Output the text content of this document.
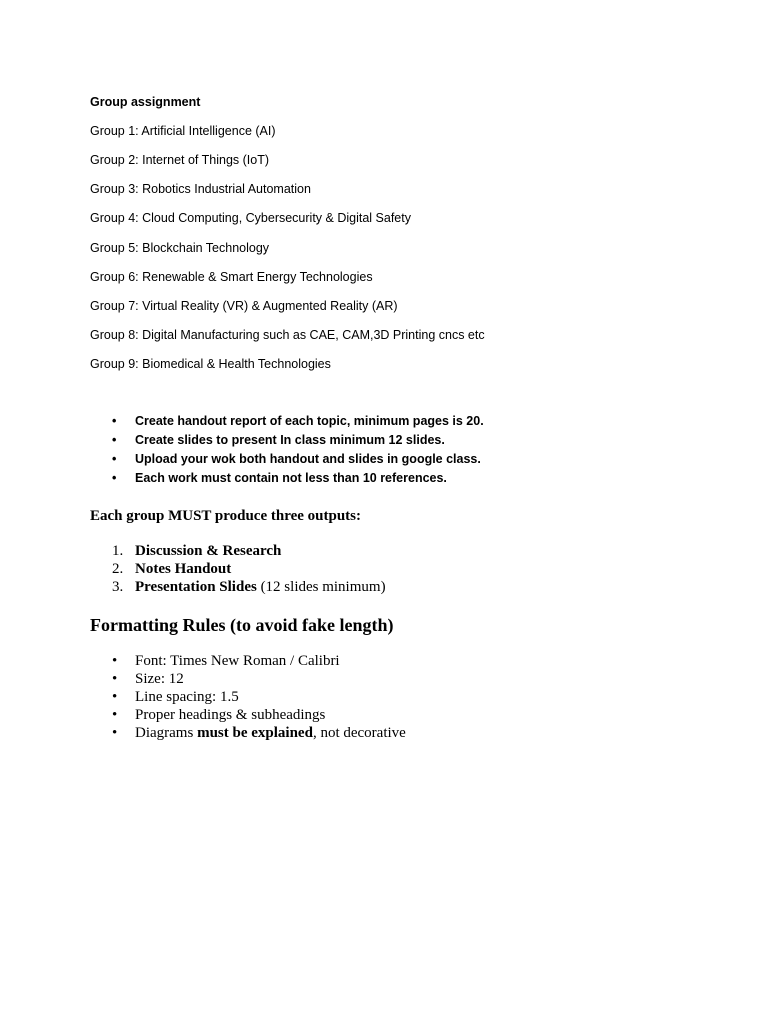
Group assignment
Group 1: Artificial Intelligence (AI)
Group 2: Internet of Things (IoT)
Group 3: Robotics Industrial Automation
Group 4: Cloud Computing, Cybersecurity & Digital Safety
Group 5: Blockchain Technology
Group 6: Renewable & Smart Energy Technologies
Group 7: Virtual Reality (VR) & Augmented Reality (AR)
Group 8: Digital Manufacturing such as CAE, CAM,3D Printing cncs etc
Group 9: Biomedical & Health Technologies
• Create handout report of each topic, minimum pages is 20.
• Create slides to present In class minimum 12 slides.
• Upload your wok both handout and slides in google class.
• Each work must contain not less than 10 references.
Each group MUST produce three outputs:
1. Discussion & Research
2. Notes Handout
3. Presentation Slides (12 slides minimum)
Formatting Rules (to avoid fake length)
• Font: Times New Roman / Calibri
• Size: 12
• Line spacing: 1.5
• Proper headings & subheadings
• Diagrams must be explained, not decorative
